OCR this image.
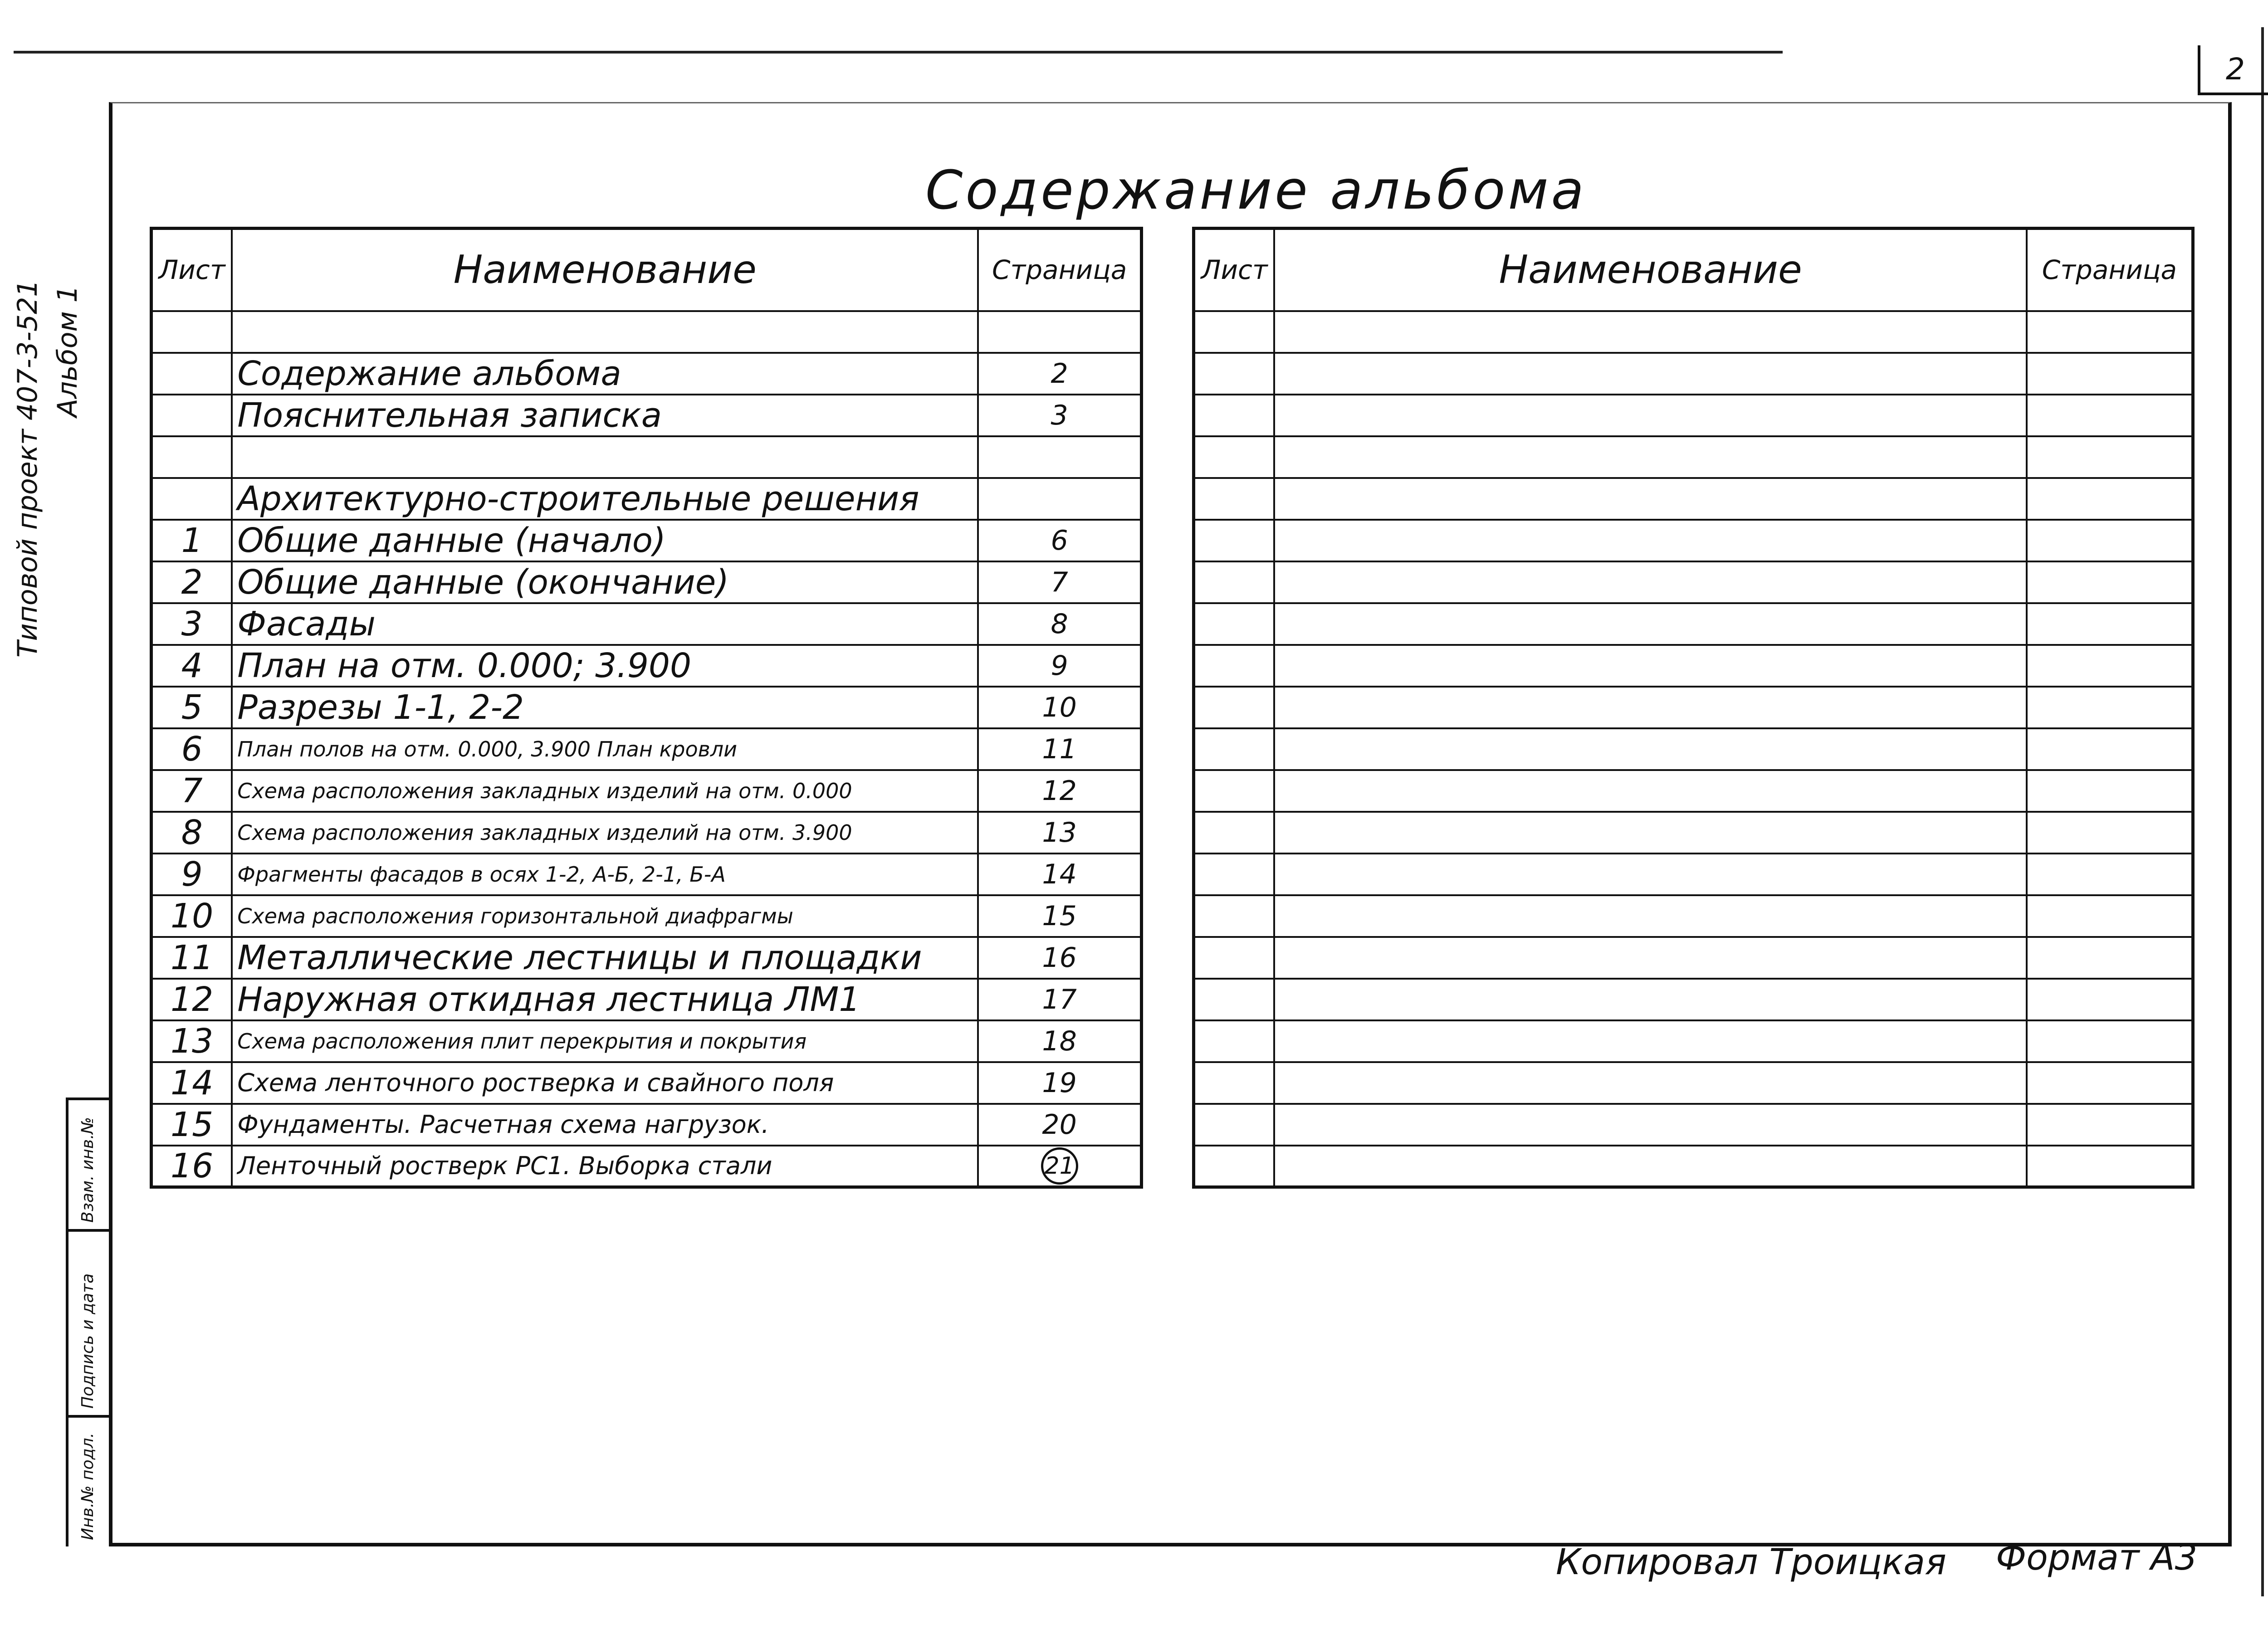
2
Типовой проект 407-3-521 Альбом 1
Взам. инв.№
Подпись и дата
Инв.№ подл.
Содержание альбома
Лист	Наименование	Страница

	Содержание альбома	2
	Пояснительная записка	3

	Архитектурно-строительные решения	
1	Общие данные (начало)	6
2	Общие данные (окончание)	7
3	Фасады	8
4	План на отм. 0.000; 3.900	9
5	Разрезы 1-1, 2-2	10
6	План полов на отм. 0.000, 3.900 План кровли	11
7	Схема расположения закладных изделий на отм. 0.000	12
8	Схема расположения закладных изделий на отм. 3.900	13
9	Фрагменты фасадов в осях 1-2, А-Б, 2-1, Б-А	14
10	Схема расположения горизонтальной диафрагмы	15
11	Металлические лестницы и площадки	16
12	Наружная откидная лестница ЛМ1	17
13	Схема расположения плит перекрытия и покрытия	18
14	Схема ленточного ростверка и свайного поля	19
15	Фундаменты. Расчетная схема нагрузок.	20
16	Ленточный ростверк РС1. Выборка стали	21
Лист	Наименование	Страница

Копировал Троицкая Формат А3
